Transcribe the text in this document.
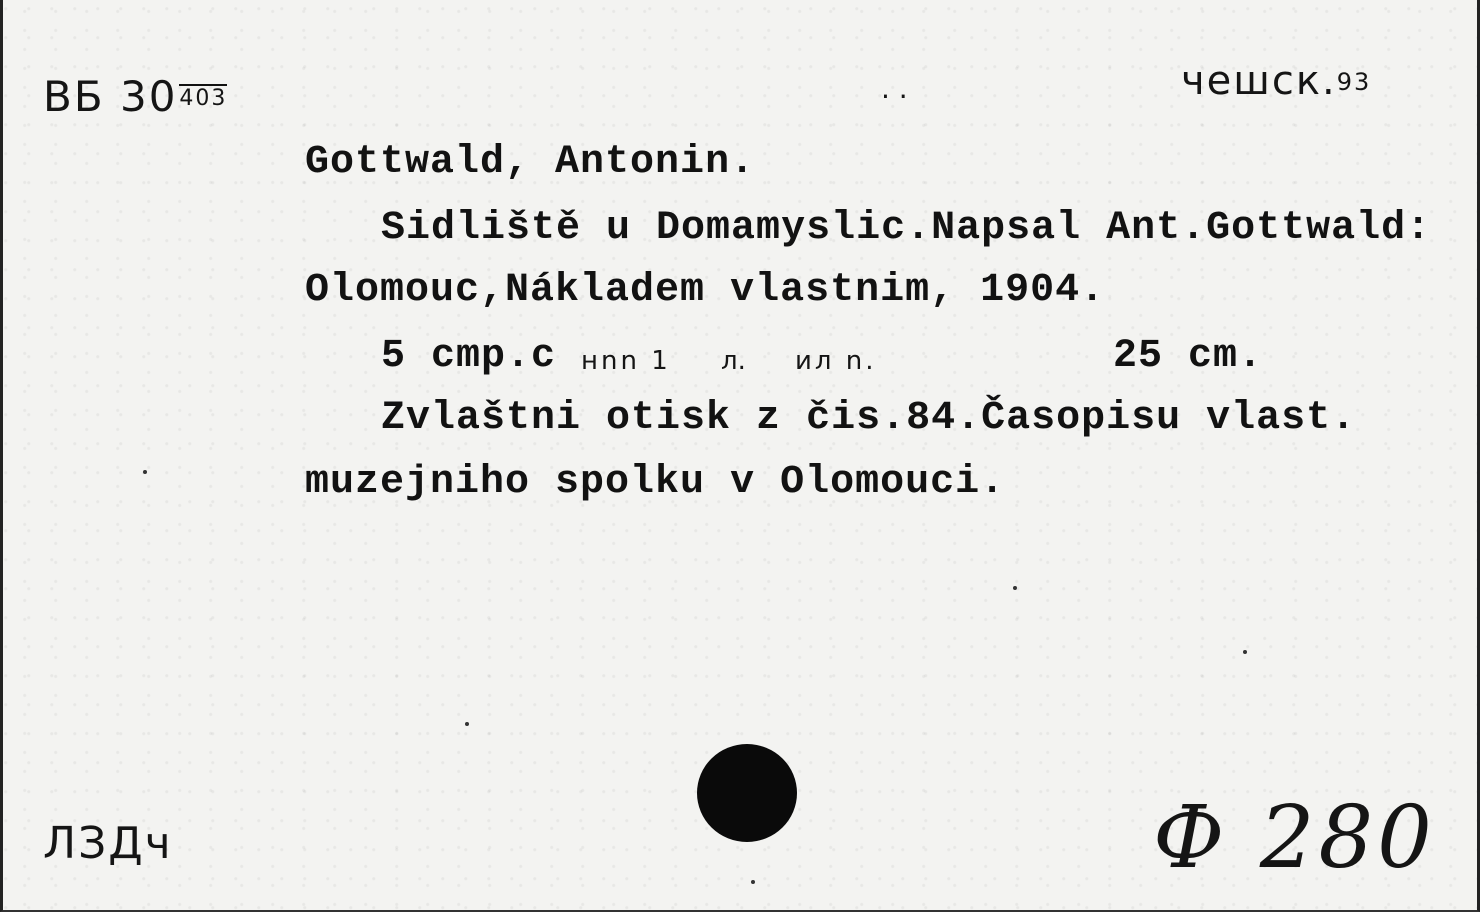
ВБ 30403	. .	чешск.93
Gottwald, Antonin.
Sidliště u Domamyslic.Napsal Ant.Gottwald:
Olomouc,Nákladem vlastnim, 1904.
5 cmp.c нnn 1 л. ил n.	25 cm.
Zvlaštni otisk z čis.84.Časopisu vlast.
muzejniho spolku v Olomouci.
ЛЗДч	Ф 280
